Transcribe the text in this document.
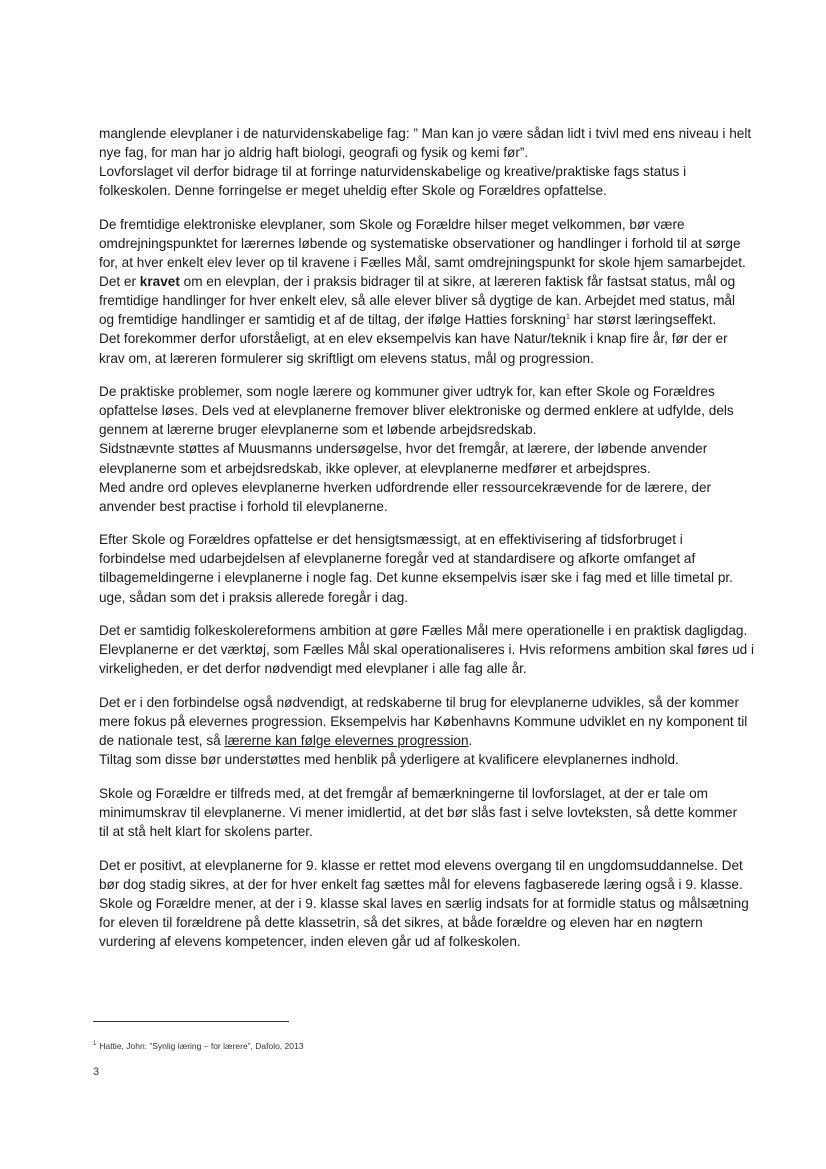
manglende elevplaner i de naturvidenskabelige fag: ” Man kan jo være sådan lidt i tvivl med ens niveau i helt
nye fag, for man har jo aldrig haft biologi, geografi og fysik og kemi før”.
Lovforslaget vil derfor bidrage til at forringe naturvidenskabelige og kreative/praktiske fags status i
folkeskolen. Denne forringelse er meget uheldig efter Skole og Forældres opfattelse.

De fremtidige elektroniske elevplaner, som Skole og Forældre hilser meget velkommen, bør være
omdrejningspunktet for lærernes løbende og systematiske observationer og handlinger i forhold til at sørge
for, at hver enkelt elev lever op til kravene i Fælles Mål, samt omdrejningspunkt for skole hjem samarbejdet.
Det er kravet om en elevplan, der i praksis bidrager til at sikre, at læreren faktisk får fastsat status, mål og
fremtidige handlinger for hver enkelt elev, så alle elever bliver så dygtige de kan. Arbejdet med status, mål
og fremtidige handlinger er samtidig et af de tiltag, der ifølge Hatties forskning$^1$ har størst læringseffekt.
Det forekommer derfor uforståeligt, at en elev eksempelvis kan have Natur/teknik i knap fire år, før der er
krav om, at læreren formulerer sig skriftligt om elevens status, mål og progression.

De praktiske problemer, som nogle lærere og kommuner giver udtryk for, kan efter Skole og Forældres
opfattelse løses. Dels ved at elevplanerne fremover bliver elektroniske og dermed enklere at udfylde, dels
gennem at lærerne bruger elevplanerne som et løbende arbejdsredskab.
Sidstnævnte støttes af Muusmanns undersøgelse, hvor det fremgår, at lærere, der løbende anvender
elevplanerne som et arbejdsredskab, ikke oplever, at elevplanerne medfører et arbejdspres.
Med andre ord opleves elevplanerne hverken udfordrende eller ressourcekrævende for de lærere, der
anvender best practise i forhold til elevplanerne.

Efter Skole og Forældres opfattelse er det hensigtsmæssigt, at en effektivisering af tidsforbruget i
forbindelse med udarbejdelsen af elevplanerne foregår ved at standardisere og afkorte omfanget af
tilbagemeldingerne i elevplanerne i nogle fag. Det kunne eksempelvis især ske i fag med et lille timetal pr.
uge, sådan som det i praksis allerede foregår i dag.

Det er samtidig folkeskolereformens ambition at gøre Fælles Mål mere operationelle i en praktisk dagligdag.
Elevplanerne er det værktøj, som Fælles Mål skal operationaliseres i. Hvis reformens ambition skal føres ud i
virkeligheden, er det derfor nødvendigt med elevplaner i alle fag alle år.

Det er i den forbindelse også nødvendigt, at redskaberne til brug for elevplanerne udvikles, så der kommer
mere fokus på elevernes progression. Eksempelvis har Københavns Kommune udviklet en ny komponent til
de nationale test, så lærerne kan følge elevernes progression.
Tiltag som disse bør understøttes med henblik på yderligere at kvalificere elevplanernes indhold.

Skole og Forældre er tilfreds med, at det fremgår af bemærkningerne til lovforslaget, at der er tale om
minimumskrav til elevplanerne. Vi mener imidlertid, at det bør slås fast i selve lovteksten, så dette kommer
til at stå helt klart for skolens parter.

Det er positivt, at elevplanerne for 9. klasse er rettet mod elevens overgang til en ungdomsuddannelse. Det
bør dog stadig sikres, at der for hver enkelt fag sættes mål for elevens fagbaserede læring også i 9. klasse.
Skole og Forældre mener, at der i 9. klasse skal laves en særlig indsats for at formidle status og målsætning
for eleven til forældrene på dette klassetrin, så det sikres, at både forældre og eleven har en nøgtern
vurdering af elevens kompetencer, inden eleven går ud af folkeskolen.

$^1$ Hattie, John: ”Synlig læring – for lærere”, Dafolo, 2013
3
